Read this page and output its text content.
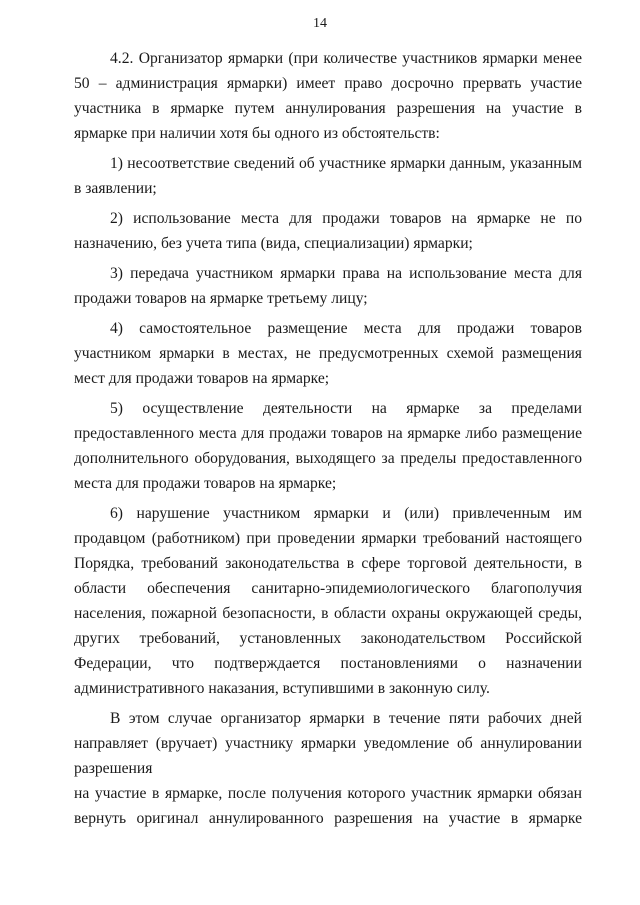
14

4.2. Организатор ярмарки (при количестве участников ярмарки менее 50 – администрация ярмарки) имеет право досрочно прервать участие участника в ярмарке путем аннулирования разрешения на участие в ярмарке при наличии хотя бы одного из обстоятельств:

1) несоответствие сведений об участнике ярмарки данным, указанным в заявлении;

2) использование места для продажи товаров на ярмарке не по назначению, без учета типа (вида, специализации) ярмарки;

3) передача участником ярмарки права на использование места для продажи товаров на ярмарке третьему лицу;

4) самостоятельное размещение места для продажи товаров участником ярмарки в местах, не предусмотренных схемой размещения мест для продажи товаров на ярмарке;

5) осуществление деятельности на ярмарке за пределами предоставленного места для продажи товаров на ярмарке либо размещение дополнительного оборудования, выходящего за пределы предоставленного места для продажи товаров на ярмарке;

6) нарушение участником ярмарки и (или) привлеченным им продавцом (работником) при проведении ярмарки требований настоящего Порядка, требований законодательства в сфере торговой деятельности, в области обеспечения санитарно-эпидемиологического благополучия населения, пожарной безопасности, в области охраны окружающей среды, других требований, установленных законодательством Российской Федерации, что подтверждается постановлениями о назначении административного наказания, вступившими в законную силу.

В этом случае организатор ярмарки в течение пяти рабочих дней направляет (вручает) участнику ярмарки уведомление об аннулировании разрешения

на участие в ярмарке, после получения которого участник ярмарки обязан вернуть оригинал аннулированного разрешения на участие в ярмарке
